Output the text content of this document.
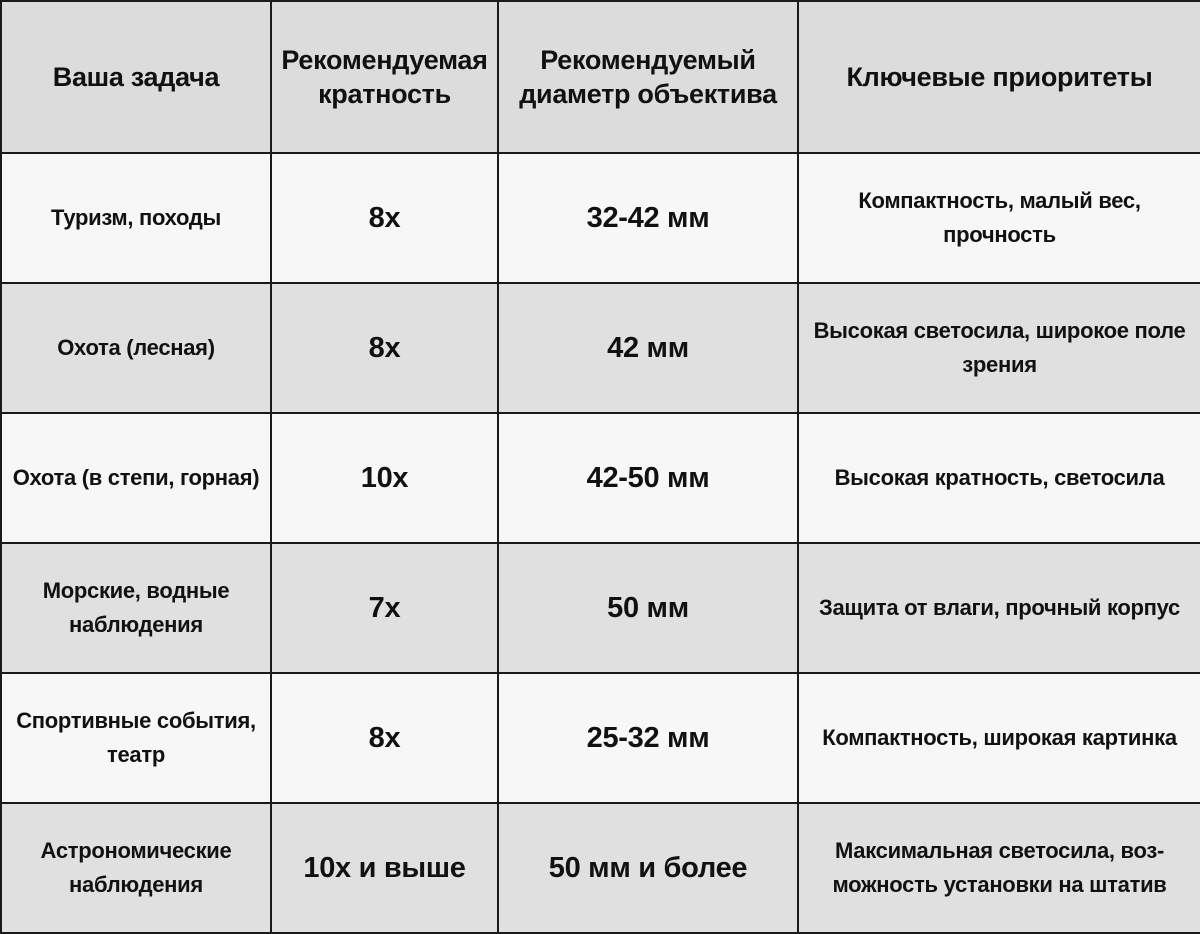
Ваша задача	Рекомендуемая кратность	Рекомендуемый диаметр объектива	Ключевые приоритеты
Туризм, походы	8х	32-42 мм	Компактность, малый вес, прочность
Охота (лесная)	8х	42 мм	Высокая светосила, широкое поле зрения
Охота (в степи, горная)	10х	42-50 мм	Высокая кратность, светосила
Морские, водные наблюдения	7х	50 мм	Защита от влаги, прочный корпус
Спортивные события, театр	8х	25-32 мм	Компактность, широкая картинка
Астрономические наблюдения	10х и выше	50 мм и более	Максимальная светосила, воз-можность установки на штатив
